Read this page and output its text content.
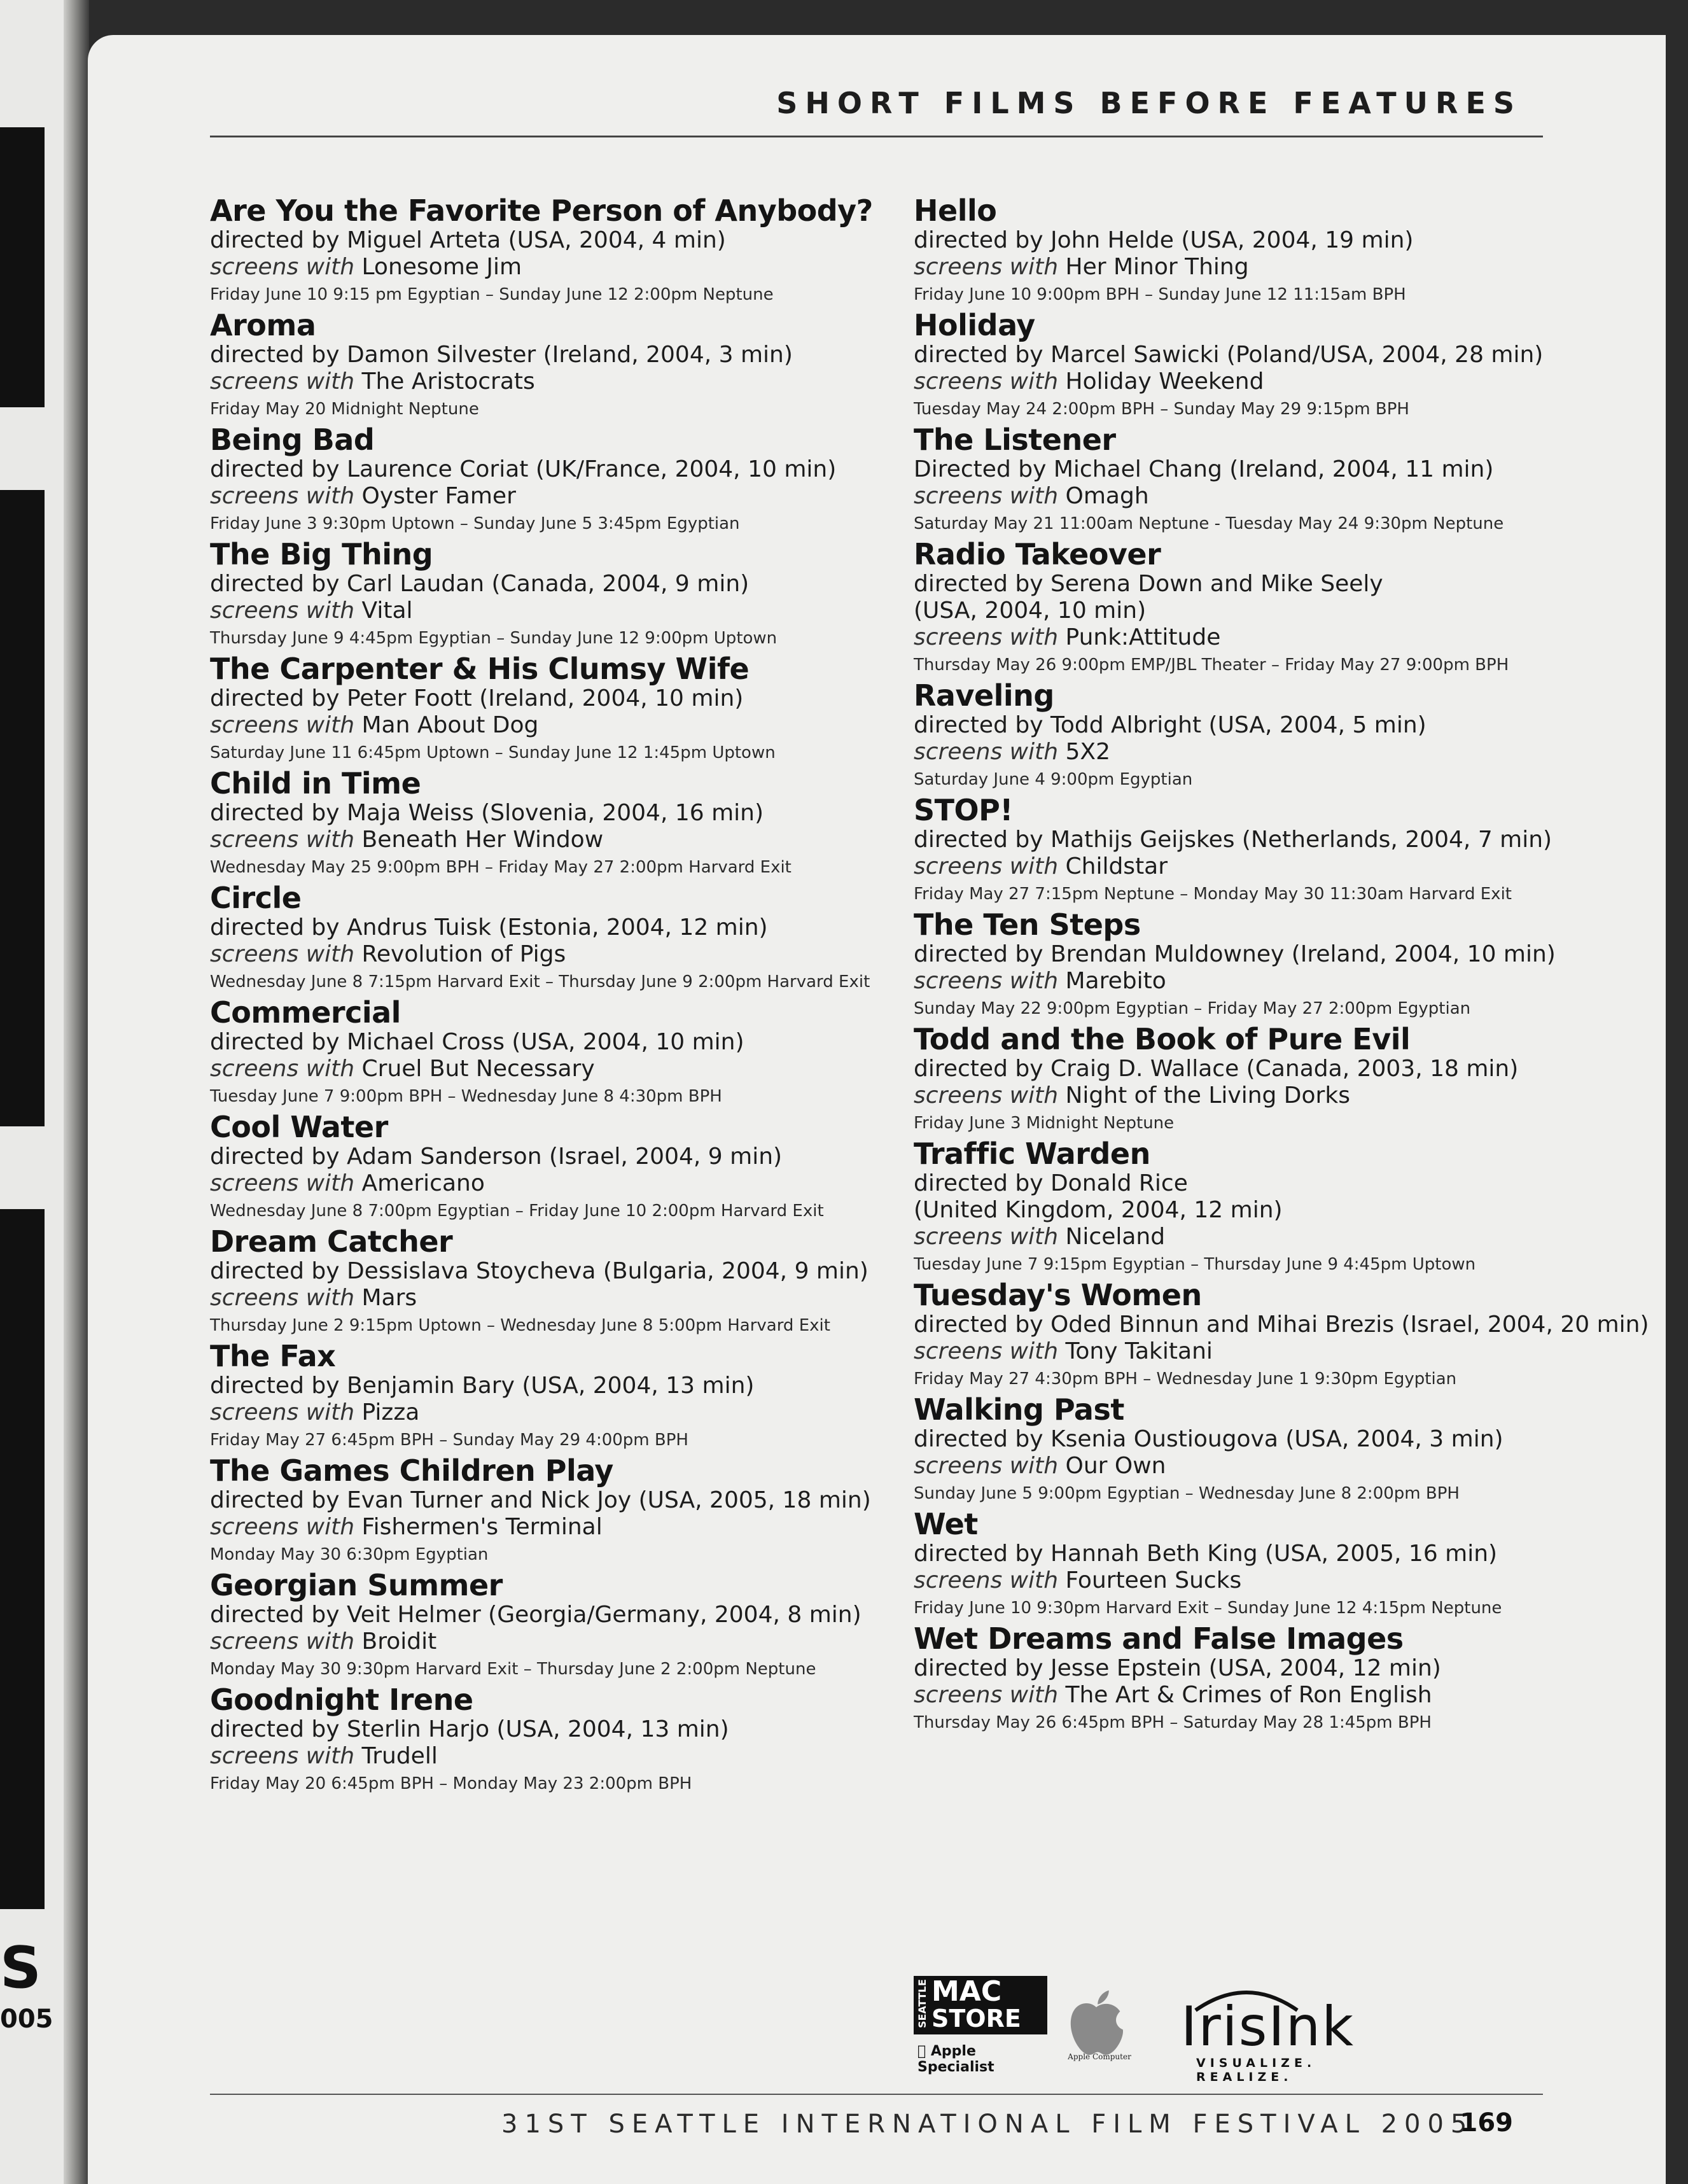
S
005
SHORT FILMS BEFORE FEATURES
Are You the Favorite Person of Anybody?
directed by Miguel Arteta (USA, 2004, 4 min)
screens with Lonesome Jim
Friday June 10 9:15 pm Egyptian – Sunday June 12 2:00pm Neptune
Aroma
directed by Damon Silvester (Ireland, 2004, 3 min)
screens with The Aristocrats
Friday May 20 Midnight Neptune
Being Bad
directed by Laurence Coriat (UK/France, 2004, 10 min)
screens with Oyster Famer
Friday June 3 9:30pm Uptown – Sunday June 5 3:45pm Egyptian
The Big Thing
directed by Carl Laudan (Canada, 2004, 9 min)
screens with Vital
Thursday June 9 4:45pm Egyptian – Sunday June 12 9:00pm Uptown
The Carpenter & His Clumsy Wife
directed by Peter Foott (Ireland, 2004, 10 min)
screens with Man About Dog
Saturday June 11 6:45pm Uptown – Sunday June 12 1:45pm Uptown
Child in Time
directed by Maja Weiss (Slovenia, 2004, 16 min)
screens with Beneath Her Window
Wednesday May 25 9:00pm BPH – Friday May 27 2:00pm Harvard Exit
Circle
directed by Andrus Tuisk (Estonia, 2004, 12 min)
screens with Revolution of Pigs
Wednesday June 8 7:15pm Harvard Exit – Thursday June 9 2:00pm Harvard Exit
Commercial
directed by Michael Cross (USA, 2004, 10 min)
screens with Cruel But Necessary
Tuesday June 7 9:00pm BPH – Wednesday June 8 4:30pm BPH
Cool Water
directed by Adam Sanderson (Israel, 2004, 9 min)
screens with Americano
Wednesday June 8 7:00pm Egyptian – Friday June 10 2:00pm Harvard Exit
Dream Catcher
directed by Dessislava Stoycheva (Bulgaria, 2004, 9 min)
screens with Mars
Thursday June 2 9:15pm Uptown – Wednesday June 8 5:00pm Harvard Exit
The Fax
directed by Benjamin Bary (USA, 2004, 13 min)
screens with Pizza
Friday May 27 6:45pm BPH – Sunday May 29 4:00pm BPH
The Games Children Play
directed by Evan Turner and Nick Joy (USA, 2005, 18 min)
screens with Fishermen's Terminal
Monday May 30 6:30pm Egyptian
Georgian Summer
directed by Veit Helmer (Georgia/Germany, 2004, 8 min)
screens with Broidit
Monday May 30 9:30pm Harvard Exit – Thursday June 2 2:00pm Neptune
Goodnight Irene
directed by Sterlin Harjo (USA, 2004, 13 min)
screens with Trudell
Friday May 20 6:45pm BPH – Monday May 23 2:00pm BPH
Hello
directed by John Helde (USA, 2004, 19 min)
screens with Her Minor Thing
Friday June 10 9:00pm BPH – Sunday June 12 11:15am BPH
Holiday
directed by Marcel Sawicki (Poland/USA, 2004, 28 min)
screens with Holiday Weekend
Tuesday May 24 2:00pm BPH – Sunday May 29 9:15pm BPH
The Listener
Directed by Michael Chang (Ireland, 2004, 11 min)
screens with Omagh
Saturday May 21 11:00am Neptune - Tuesday May 24 9:30pm Neptune
Radio Takeover
directed by Serena Down and Mike Seely
(USA, 2004, 10 min)
screens with Punk:Attitude
Thursday May 26 9:00pm EMP/JBL Theater – Friday May 27 9:00pm BPH
Raveling
directed by Todd Albright (USA, 2004, 5 min)
screens with 5X2
Saturday June 4 9:00pm Egyptian
STOP!
directed by Mathijs Geijskes (Netherlands, 2004, 7 min)
screens with Childstar
Friday May 27 7:15pm Neptune – Monday May 30 11:30am Harvard Exit
The Ten Steps
directed by Brendan Muldowney (Ireland, 2004, 10 min)
screens with Marebito
Sunday May 22 9:00pm Egyptian – Friday May 27 2:00pm Egyptian
Todd and the Book of Pure Evil
directed by Craig D. Wallace (Canada, 2003, 18 min)
screens with Night of the Living Dorks
Friday June 3 Midnight Neptune
Traffic Warden
directed by Donald Rice
(United Kingdom, 2004, 12 min)
screens with Niceland
Tuesday June 7 9:15pm Egyptian – Thursday June 9 4:45pm Uptown
Tuesday's Women
directed by Oded Binnun and Mihai Brezis (Israel, 2004, 20 min)
screens with Tony Takitani
Friday May 27 4:30pm BPH – Wednesday June 1 9:30pm Egyptian
Walking Past
directed by Ksenia Oustiougova (USA, 2004, 3 min)
screens with Our Own
Sunday June 5 9:00pm Egyptian – Wednesday June 8 2:00pm BPH
Wet
directed by Hannah Beth King (USA, 2005, 16 min)
screens with Fourteen Sucks
Friday June 10 9:30pm Harvard Exit – Sunday June 12 4:15pm Neptune
Wet Dreams and False Images
directed by Jesse Epstein (USA, 2004, 12 min)
screens with The Art & Crimes of Ron English
Thursday May 26 6:45pm BPH – Saturday May 28 1:45pm BPH
SEATTLE MAC
STORE
Apple Specialist	Apple Computer IrisInk
VISUALIZE. REALIZE.
31ST SEATTLE INTERNATIONAL FILM FESTIVAL 2005
169
